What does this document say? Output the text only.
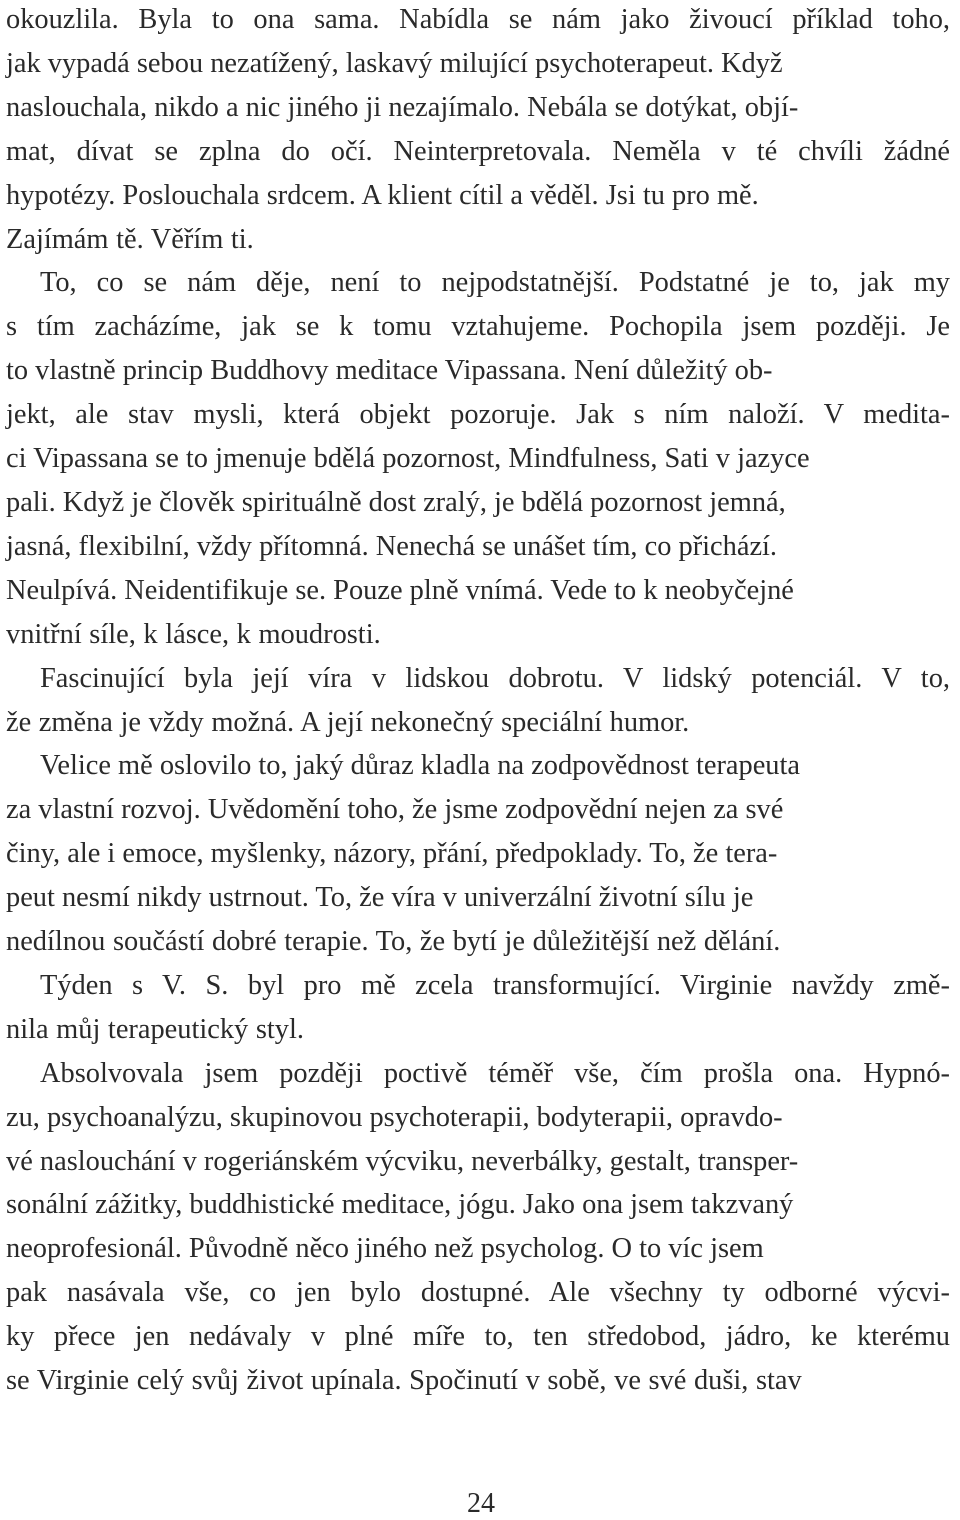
okouzlila. Byla to ona sama. Nabídla se nám jako živoucí příklad toho,
jak vypadá sebou nezatížený, laskavý milující psychoterapeut. Když
naslouchala, nikdo a nic jiného ji nezajímalo. Nebála se dotýkat, objí-
mat, dívat se zplna do očí. Neinterpretovala. Neměla v té chvíli žádné
hypotézy. Poslouchala srdcem. A klient cítil a věděl. Jsi tu pro mě.
Zajímám tě. Věřím ti.
To, co se nám děje, není to nejpodstatnější. Podstatné je to, jak my
s tím zacházíme, jak se k tomu vztahujeme. Pochopila jsem později. Je
to vlastně princip Buddhovy meditace Vipassana. Není důležitý ob-
jekt, ale stav mysli, která objekt pozoruje. Jak s ním naloží. V medita-
ci Vipassana se to jmenuje bdělá pozornost, Mindfulness, Sati v jazyce
pali. Když je člověk spirituálně dost zralý, je bdělá pozornost jemná,
jasná, flexibilní, vždy přítomná. Nenechá se unášet tím, co přichází.
Neulpívá. Neidentifikuje se. Pouze plně vnímá. Vede to k neobyčejné
vnitřní síle, k lásce, k moudrosti.
Fascinující byla její víra v lidskou dobrotu. V lidský potenciál. V to,
že změna je vždy možná. A její nekonečný speciální humor.
Velice mě oslovilo to, jaký důraz kladla na zodpovědnost terapeuta
za vlastní rozvoj. Uvědomění toho, že jsme zodpovědní nejen za své
činy, ale i emoce, myšlenky, názory, přání, předpoklady. To, že tera-
peut nesmí nikdy ustrnout. To, že víra v univerzální životní sílu je
nedílnou součástí dobré terapie. To, že bytí je důležitější než dělání.
Týden s V. S. byl pro mě zcela transformující. Virginie navždy změ-
nila můj terapeutický styl.
Absolvovala jsem později poctivě téměř vše, čím prošla ona. Hypnó-
zu, psychoanalýzu, skupinovou psychoterapii, bodyterapii, opravdo-
vé naslouchání v rogeriánském výcviku, neverbálky, gestalt, transper-
sonální zážitky, buddhistické meditace, jógu. Jako ona jsem takzvaný
neoprofesionál. Původně něco jiného než psycholog. O to víc jsem
pak nasávala vše, co jen bylo dostupné. Ale všechny ty odborné výcvi-
ky přece jen nedávaly v plné míře to, ten středobod, jádro, ke kterému
se Virginie celý svůj život upínala. Spočinutí v sobě, ve své duši, stav
24
